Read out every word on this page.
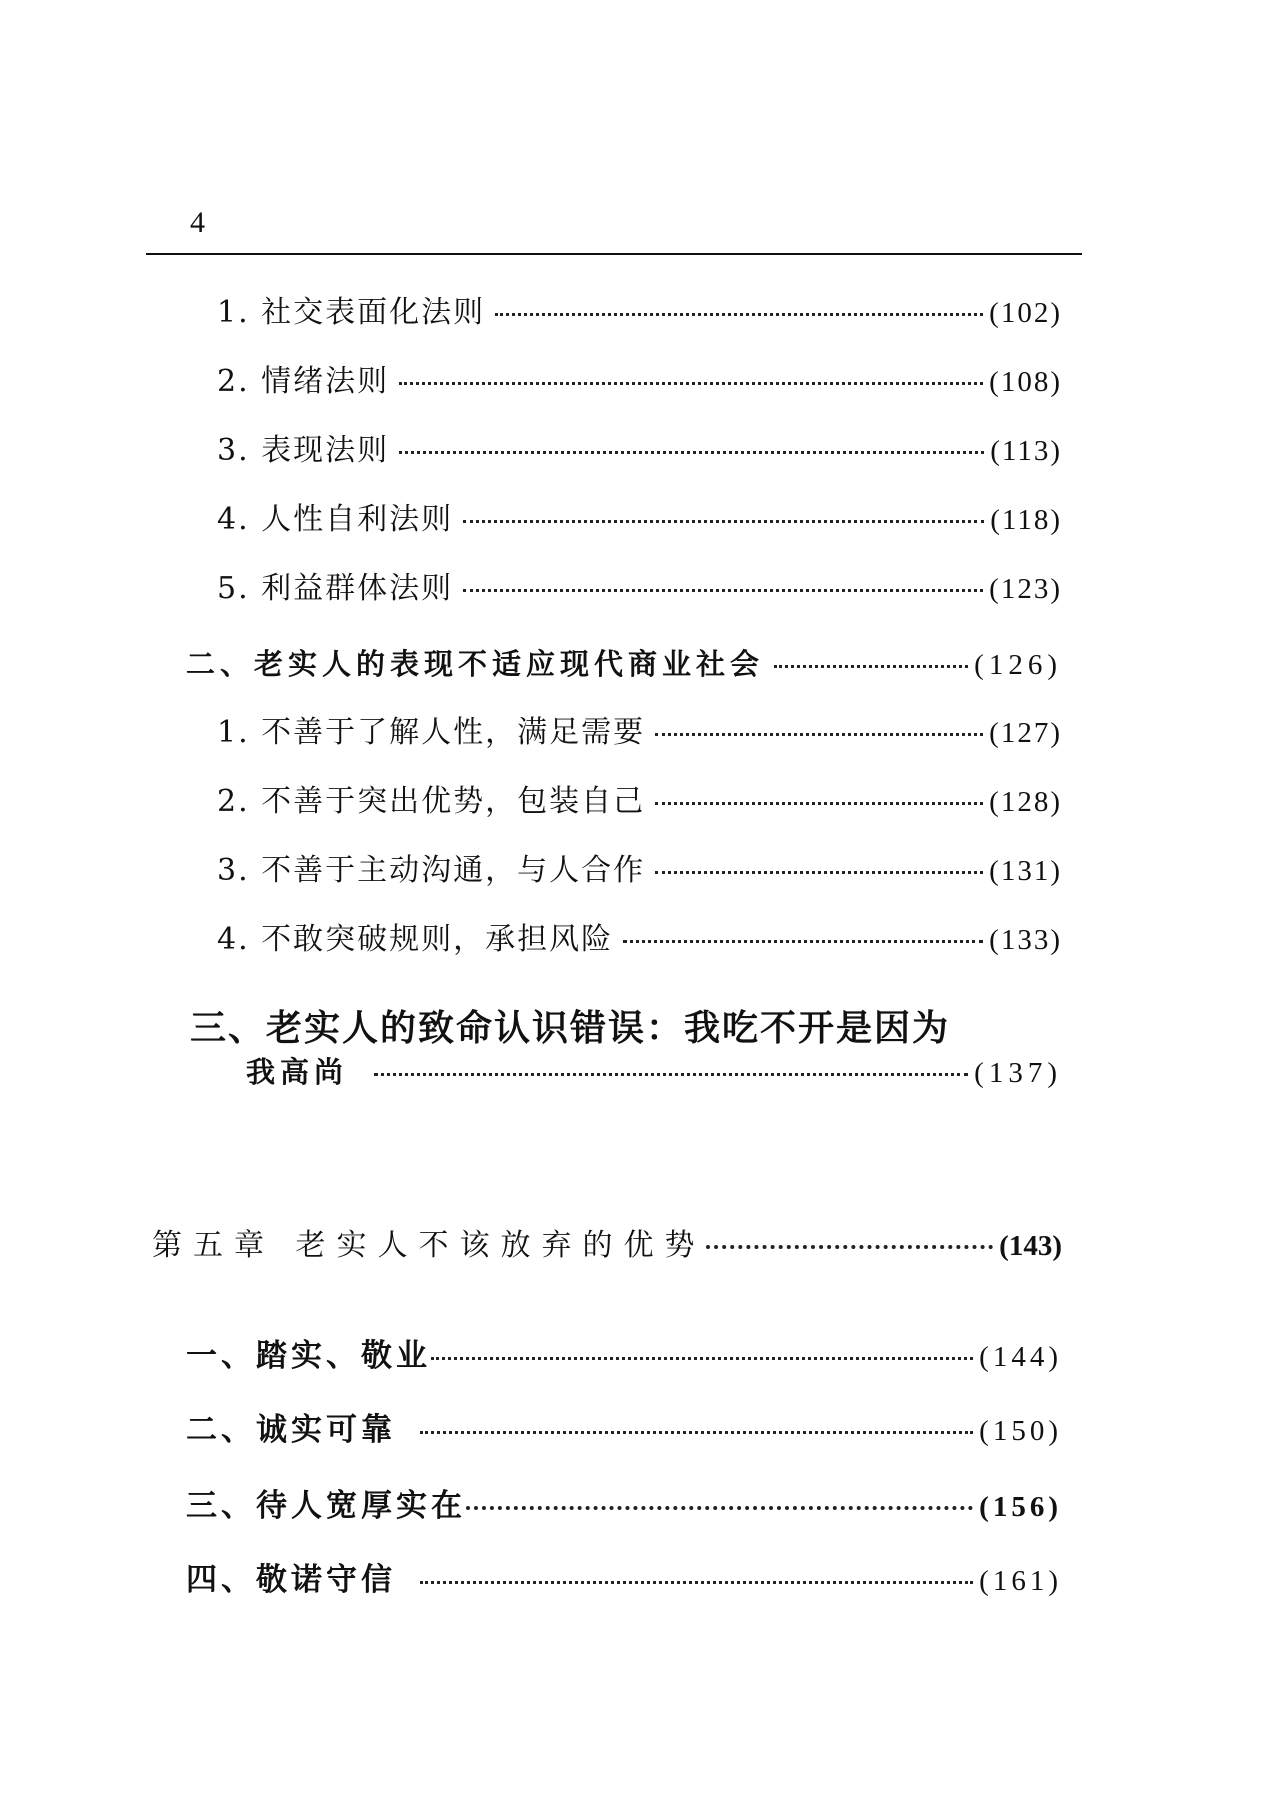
4
1. 社交表面化法则	(102)
2. 情绪法则	(108)
3. 表现法则	(113)
4. 人性自利法则	(118)
5. 利益群体法则	(123)
二、老实人的表现不适应现代商业社会	(126)
1. 不善于了解人性，满足需要	(127)
2. 不善于突出优势，包装自己	(128)
3. 不善于主动沟通，与人合作	(131)
4. 不敢突破规则，承担风险	(133)
三、老实人的致命认识错误：我吃不开是因为
我高尚	(137)
第五章 老实人不该放弃的优势	(143)
一、踏实、敬业	(144)
二、诚实可靠	(150)
三、待人宽厚实在	(156)
四、敬诺守信	(161)
